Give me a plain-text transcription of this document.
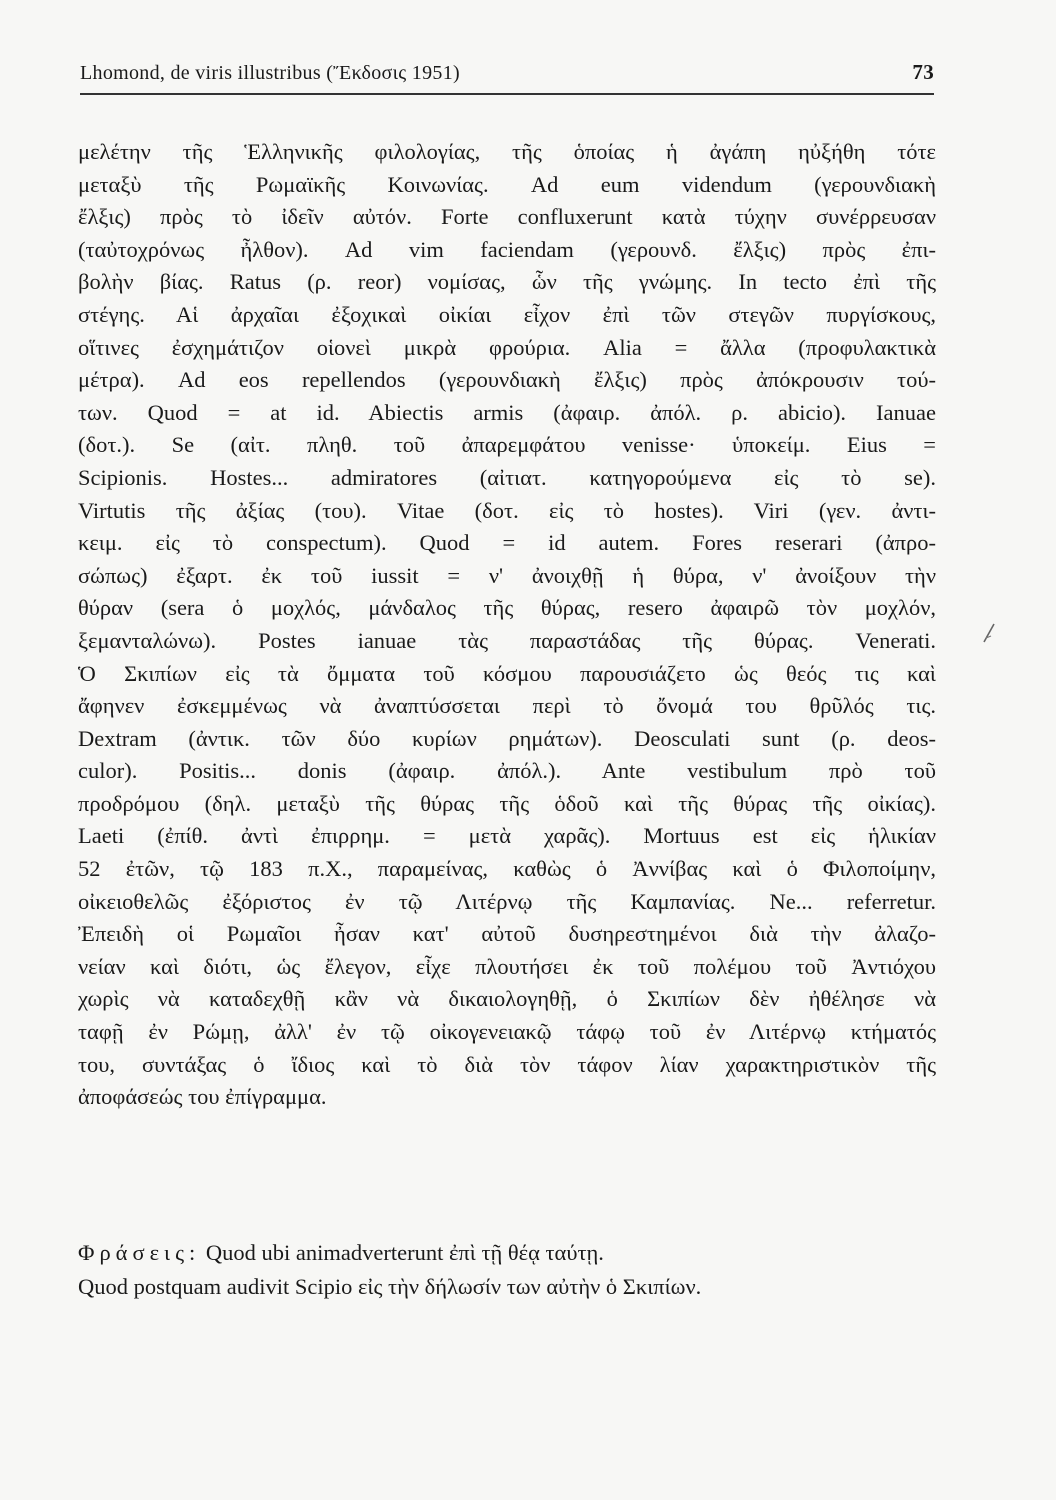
Lhomond, de viris illustribus (Ἔκδοσις 1951)	73
μελέτην τῆς Ἑλληνικῆς φιλολογίας, τῆς ὁποίας ἡ ἀγάπη ηὐξήθη τότε
μεταξὺ τῆς Ρωμαϊκῆς Κοινωνίας. Ad eum videndum (γερουνδιακὴ
ἔλξις) πρὸς τὸ ἰδεῖν αὐτόν. Forte confluxerunt κατὰ τύχην συνέρρευσαν
(ταὐτοχρόνως ἦλθον). Ad vim faciendam (γερουνδ. ἔλξις) πρὸς ἐπι-
βολὴν βίας. Ratus (ρ. reor) νομίσας, ὧν τῆς γνώμης. In tecto ἐπὶ τῆς
στέγης. Αἱ ἀρχαῖαι ἐξοχικαὶ οἰκίαι εἶχον ἐπὶ τῶν στεγῶν πυργίσκους,
οἵτινες ἐσχημάτιζον οἱονεὶ μικρὰ φρούρια. Alia = ἄλλα (προφυλακτικὰ
μέτρα). Ad eos repellendos (γερουνδιακὴ ἔλξις) πρὸς ἀπόκρουσιν τού-
των. Quod = at id. Abiectis armis (ἀφαιρ. ἀπόλ. ρ. abicio). Ianuae
(δοτ.). Se (αἰτ. πληθ. τοῦ ἀπαρεμφάτου venisse· ὑποκείμ. Eius =
Scipionis. Hostes... admiratores (αἰτιατ. κατηγορούμενα εἰς τὸ se).
Virtutis τῆς ἀξίας (του). Vitae (δοτ. εἰς τὸ hostes). Viri (γεν. ἀντι-
κειμ. εἰς τὸ conspectum). Quod = id autem. Fores reserari (ἀπρο-
σώπως) ἐξαρτ. ἐκ τοῦ iussit = ν' ἀνοιχθῇ ἡ θύρα, ν' ἀνοίξουν τὴν
θύραν (sera ὁ μοχλός, μάνδαλος τῆς θύρας, resero ἀφαιρῶ τὸν μοχλόν,
ξεμανταλώνω). Postes ianuae τὰς παραστάδας τῆς θύρας. Venerati.
Ὁ Σκιπίων εἰς τὰ ὄμματα τοῦ κόσμου παρουσιάζετο ὡς θεός τις καὶ
ἄφηνεν ἐσκεμμένως νὰ ἀναπτύσσεται περὶ τὸ ὄνομά του θρῦλός τις.
Dextram (ἀντικ. τῶν δύο κυρίων ρημάτων). Deosculati sunt (ρ. deos-
culor). Positis... donis (ἀφαιρ. ἀπόλ.). Ante vestibulum πρὸ τοῦ
προδρόμου (δηλ. μεταξὺ τῆς θύρας τῆς ὁδοῦ καὶ τῆς θύρας τῆς οἰκίας).
Laeti (ἐπίθ. ἀντὶ ἐπιρρημ. = μετὰ χαρᾶς). Mortuus est εἰς ἡλικίαν
52 ἐτῶν, τῷ 183 π.Χ., παραμείνας, καθὼς ὁ Ἀννίβας καὶ ὁ Φιλοποίμην,
οἰκειοθελῶς ἐξόριστος ἐν τῷ Λιτέρνῳ τῆς Καμπανίας. Ne... referretur.
Ἐπειδὴ οἱ Ρωμαῖοι ἦσαν κατ' αὐτοῦ δυσηρεστημένοι διὰ τὴν ἀλαζο-
νείαν καὶ διότι, ὡς ἔλεγον, εἶχε πλουτήσει ἐκ τοῦ πολέμου τοῦ Ἀντιόχου
χωρὶς νὰ καταδεχθῇ κἂν νὰ δικαιολογηθῇ, ὁ Σκιπίων δὲν ἠθέλησε νὰ
ταφῇ ἐν Ρώμῃ, ἀλλ' ἐν τῷ οἰκογενειακῷ τάφῳ τοῦ ἐν Λιτέρνῳ κτήματός
του, συντάξας ὁ ἴδιος καὶ τὸ διὰ τὸν τάφον λίαν χαρακτηριστικὸν τῆς
ἀποφάσεώς του ἐπίγραμμα.
Φράσεις: Quod ubi animadverterunt ἐπὶ τῇ θέᾳ ταύτῃ.
Quod postquam audivit Scipio εἰς τὴν δήλωσίν των αὐτὴν ὁ Σκιπίων.
